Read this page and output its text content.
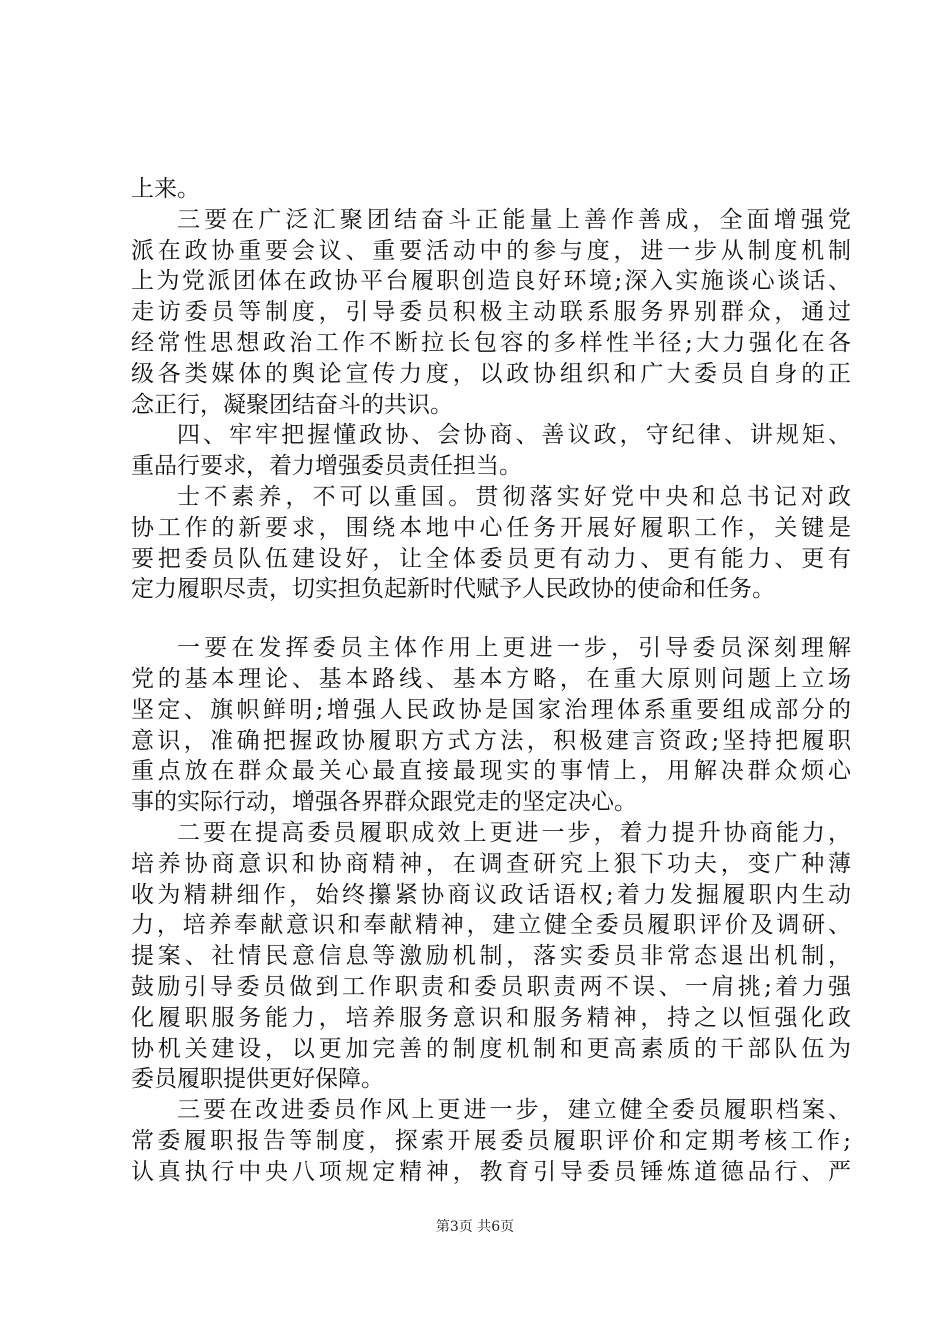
上来。
三要在广泛汇聚团结奋斗正能量上善作善成，全面增强党
派在政协重要会议、重要活动中的参与度，进一步从制度机制
上为党派团体在政协平台履职创造良好环境;深入实施谈心谈话、
走访委员等制度，引导委员积极主动联系服务界别群众，通过
经常性思想政治工作不断拉长包容的多样性半径;大力强化在各
级各类媒体的舆论宣传力度，以政协组织和广大委员自身的正
念正行，凝聚团结奋斗的共识。
四、牢牢把握懂政协、会协商、善议政，守纪律、讲规矩、
重品行要求，着力增强委员责任担当。
士不素养，不可以重国。贯彻落实好党中央和总书记对政
协工作的新要求，围绕本地中心任务开展好履职工作，关键是
要把委员队伍建设好，让全体委员更有动力、更有能力、更有
定力履职尽责，切实担负起新时代赋予人民政协的使命和任务。
一要在发挥委员主体作用上更进一步，引导委员深刻理解
党的基本理论、基本路线、基本方略，在重大原则问题上立场
坚定、旗帜鲜明;增强人民政协是国家治理体系重要组成部分的
意识，准确把握政协履职方式方法，积极建言资政;坚持把履职
重点放在群众最关心最直接最现实的事情上，用解决群众烦心
事的实际行动，增强各界群众跟党走的坚定决心。
二要在提高委员履职成效上更进一步，着力提升协商能力，
培养协商意识和协商精神，在调查研究上狠下功夫，变广种薄
收为精耕细作，始终攥紧协商议政话语权;着力发掘履职内生动
力，培养奉献意识和奉献精神，建立健全委员履职评价及调研、
提案、社情民意信息等激励机制，落实委员非常态退出机制，
鼓励引导委员做到工作职责和委员职责两不误、一肩挑;着力强
化履职服务能力，培养服务意识和服务精神，持之以恒强化政
协机关建设，以更加完善的制度机制和更高素质的干部队伍为
委员履职提供更好保障。
三要在改进委员作风上更进一步，建立健全委员履职档案、
常委履职报告等制度，探索开展委员履职评价和定期考核工作;
认真执行中央八项规定精神，教育引导委员锤炼道德品行、严
第3页 共6页
